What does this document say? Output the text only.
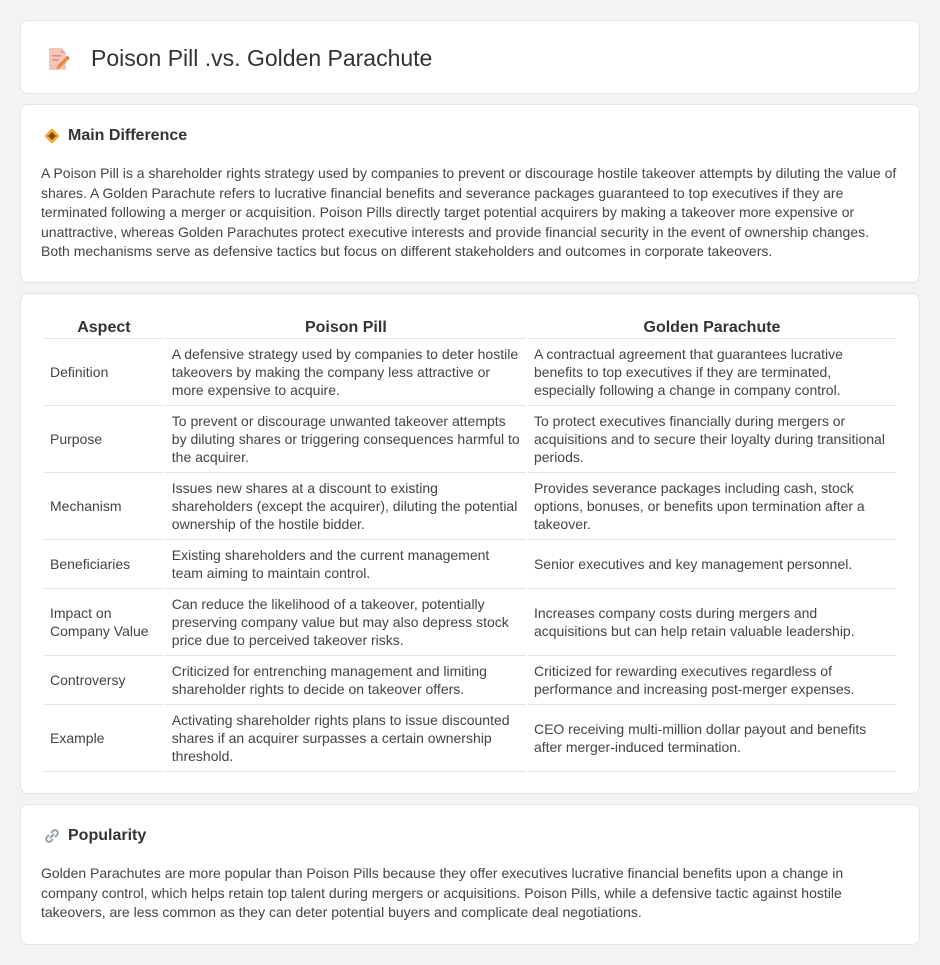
Poison Pill .vs. Golden Parachute
Main Difference

A Poison Pill is a shareholder rights strategy used by companies to prevent or discourage hostile takeover attempts by diluting the value of shares. A Golden Parachute refers to lucrative financial benefits and severance packages guaranteed to top executives if they are terminated following a merger or acquisition. Poison Pills directly target potential acquirers by making a takeover more expensive or unattractive, whereas Golden Parachutes protect executive interests and provide financial security in the event of ownership changes. Both mechanisms serve as defensive tactics but focus on different stakeholders and outcomes in corporate takeovers.

Aspect	Poison Pill	Golden Parachute
Definition	A defensive strategy used by companies to deter hostile takeovers by making the company less attractive or more expensive to acquire.	A contractual agreement that guarantees lucrative benefits to top executives if they are terminated, especially following a change in company control.
Purpose	To prevent or discourage unwanted takeover attempts by diluting shares or triggering consequences harmful to the acquirer.	To protect executives financially during mergers or acquisitions and to secure their loyalty during transitional periods.
Mechanism	Issues new shares at a discount to existing shareholders (except the acquirer), diluting the potential ownership of the hostile bidder.	Provides severance packages including cash, stock options, bonuses, or benefits upon termination after a takeover.
Beneficiaries	Existing shareholders and the current management team aiming to maintain control.	Senior executives and key management personnel.
Impact on Company Value	Can reduce the likelihood of a takeover, potentially preserving company value but may also depress stock price due to perceived takeover risks.	Increases company costs during mergers and acquisitions but can help retain valuable leadership.
Controversy	Criticized for entrenching management and limiting shareholder rights to decide on takeover offers.	Criticized for rewarding executives regardless of performance and increasing post-merger expenses.
Example	Activating shareholder rights plans to issue discounted shares if an acquirer surpasses a certain ownership threshold.	CEO receiving multi-million dollar payout and benefits after merger-induced termination.
Popularity

Golden Parachutes are more popular than Poison Pills because they offer executives lucrative financial benefits upon a change in company control, which helps retain top talent during mergers or acquisitions. Poison Pills, while a defensive tactic against hostile takeovers, are less common as they can deter potential buyers and complicate deal negotiations.
